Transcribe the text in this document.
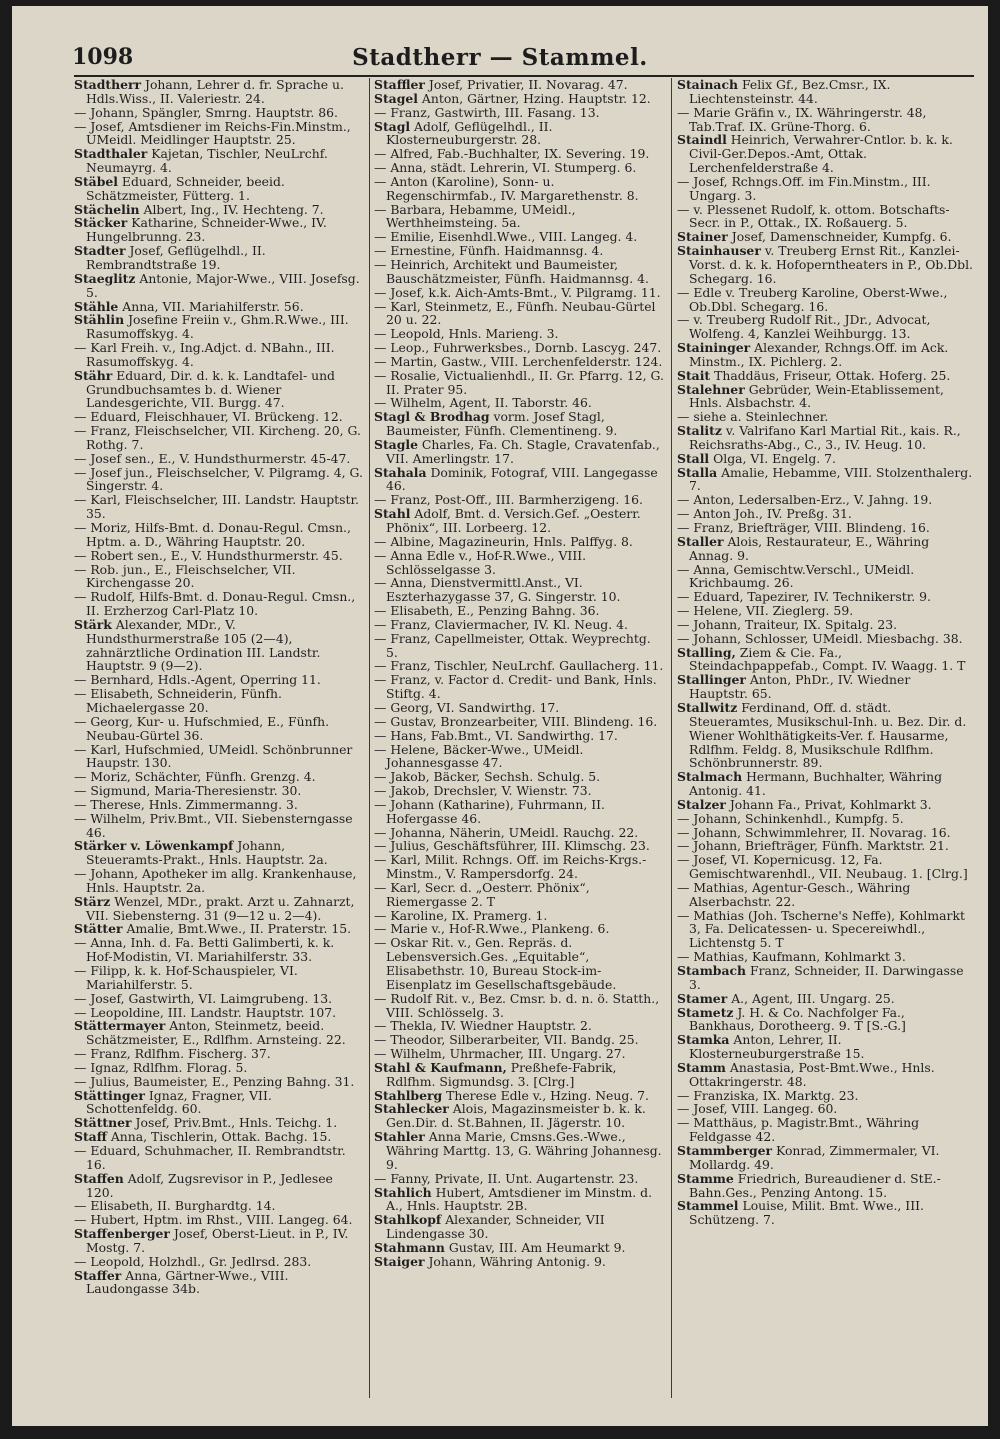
Stadtherr — Stammel.
1098

Stadtherr Johann, Lehrer d. fr. Sprache u. Hdls.Wiss., II. Valeriestr. 24.

— Johann, Spängler, Smrng. Hauptstr. 86.

— Josef, Amtsdiener im Reichs-Fin.Minstm., UMeidl. Meidlinger Hauptstr. 25.

Stadthaler Kajetan, Tischler, NeuLrchf. Neumayrg. 4.

Stäbel Eduard, Schneider, beeid. Schätzmeister, Fütterg. 1.

Stächelin Albert, Ing., IV. Hechteng. 7.

Stäcker Katharine, Schneider-Wwe., IV. Hungelbrunng. 23.

Stadter Josef, Geflügelhdl., II. Rembrandtstraße 19.

Staeglitz Antonie, Major-Wwe., VIII. Josefsg. 5.

Stähle Anna, VII. Mariahilferstr. 56.

Stählin Josefine Freiin v., Ghm.R.Wwe., III. Rasumoffskyg. 4.

— Karl Freih. v., Ing.Adjct. d. NBahn., III. Rasumoffskyg. 4.

Stähr Eduard, Dir. d. k. k. Landtafel- und Grundbuchsamtes b. d. Wiener Landesgerichte, VII. Burgg. 47.

— Eduard, Fleischhauer, VI. Brückeng. 12.

— Franz, Fleischselcher, VII. Kircheng. 20, G. Rothg. 7.

— Josef sen., E., V. Hundsthurmerstr. 45-47.

— Josef jun., Fleischselcher, V. Pilgramg. 4, G. Singerstr. 4.

— Karl, Fleischselcher, III. Landstr. Hauptstr. 35.

— Moriz, Hilfs-Bmt. d. Donau-Regul. Cmsn., Hptm. a. D., Währing Hauptstr. 20.

— Robert sen., E., V. Hundsthurmerstr. 45.

— Rob. jun., E., Fleischselcher, VII. Kirchengasse 20.

— Rudolf, Hilfs-Bmt. d. Donau-Regul. Cmsn., II. Erzherzog Carl-Platz 10.

Stärk Alexander, MDr., V. Hundsthurmerstraße 105 (2—4), zahnärztliche Ordination III. Landstr. Hauptstr. 9 (9—2).

— Bernhard, Hdls.-Agent, Operring 11.

— Elisabeth, Schneiderin, Fünfh. Michaelergasse 20.

— Georg, Kur- u. Hufschmied, E., Fünfh. Neubau-Gürtel 36.

— Karl, Hufschmied, UMeidl. Schönbrunner Haupstr. 130.

— Moriz, Schächter, Fünfh. Grenzg. 4.

— Sigmund, Maria-Theresienstr. 30.

— Therese, Hnls. Zimmermanng. 3.

— Wilhelm, Priv.Bmt., VII. Siebensterngasse 46.

Stärker v. Löwenkampf Johann, Steueramts-Prakt., Hnls. Hauptstr. 2a.

— Johann, Apotheker im allg. Krankenhause, Hnls. Hauptstr. 2a.

Stärz Wenzel, MDr., prakt. Arzt u. Zahnarzt, VII. Siebensterng. 31 (9—12 u. 2—4).

Stätter Amalie, Bmt.Wwe., II. Praterstr. 15.

— Anna, Inh. d. Fa. Betti Galimberti, k. k. Hof-Modistin, VI. Mariahilferstr. 33.

— Filipp, k. k. Hof-Schauspieler, VI. Mariahilferstr. 5.

— Josef, Gastwirth, VI. Laimgrubeng. 13.

— Leopoldine, III. Landstr. Hauptstr. 107.

Stättermayer Anton, Steinmetz, beeid. Schätzmeister, E., Rdlfhm. Arnsteing. 22.

— Franz, Rdlfhm. Fischerg. 37.

— Ignaz, Rdlfhm. Florag. 5.

— Julius, Baumeister, E., Penzing Bahng. 31.

Stättinger Ignaz, Fragner, VII. Schottenfeldg. 60.

Stättner Josef, Priv.Bmt., Hnls. Teichg. 1.

Staff Anna, Tischlerin, Ottak. Bachg. 15.

— Eduard, Schuhmacher, II. Rembrandtstr. 16.

Staffen Adolf, Zugsrevisor in P., Jedlesee 120.

— Elisabeth, II. Burghardtg. 14.

— Hubert, Hptm. im Rhst., VIII. Langeg. 64.

Staffenberger Josef, Oberst-Lieut. in P., IV. Mostg. 7.

— Leopold, Holzhdl., Gr. Jedlrsd. 283.

Staffer Anna, Gärtner-Wwe., VIII. Laudongasse 34b.

Staffler Josef, Privatier, II. Novarag. 47.

Stagel Anton, Gärtner, Hzing. Hauptstr. 12.

— Franz, Gastwirth, III. Fasang. 13.

Stagl Adolf, Geflügelhdl., II. Klosterneuburgerstr. 28.

— Alfred, Fab.-Buchhalter, IX. Severing. 19.

— Anna, städt. Lehrerin, VI. Stumperg. 6.

— Anton (Karoline), Sonn- u. Regenschirmfab., IV. Margarethenstr. 8.

— Barbara, Hebamme, UMeidl., Werthheimsteing. 5a.

— Emilie, Eisenhdl.Wwe., VIII. Langeg. 4.

— Ernestine, Fünfh. Haidmannsg. 4.

— Heinrich, Architekt und Baumeister, Bauschätzmeister, Fünfh. Haidmannsg. 4.

— Josef, k.k. Aich-Amts-Bmt., V. Pilgramg. 11.

— Karl, Steinmetz, E., Fünfh. Neubau-Gürtel 20 u. 22.

— Leopold, Hnls. Marieng. 3.

— Leop., Fuhrwerksbes., Dornb. Lascyg. 247.

— Martin, Gastw., VIII. Lerchenfelderstr. 124.

— Rosalie, Victualienhdl., II. Gr. Pfarrg. 12, G. II. Prater 95.

— Wilhelm, Agent, II. Taborstr. 46.

Stagl & Brodhag vorm. Josef Stagl, Baumeister, Fünfh. Clementineng. 9.

Stagle Charles, Fa. Ch. Stagle, Cravatenfab., VII. Amerlingstr. 17.

Stahala Dominik, Fotograf, VIII. Langegasse 46.

— Franz, Post-Off., III. Barmherzigeng. 16.

Stahl Adolf, Bmt. d. Versich.Gef. „Oesterr. Phönix“, III. Lorbeerg. 12.

— Albine, Magazineurin, Hnls. Palffyg. 8.

— Anna Edle v., Hof-R.Wwe., VIII. Schlösselgasse 3.

— Anna, Dienstvermittl.Anst., VI. Eszterhazygasse 37, G. Singerstr. 10.

— Elisabeth, E., Penzing Bahng. 36.

— Franz, Claviermacher, IV. Kl. Neug. 4.

— Franz, Capellmeister, Ottak. Weyprechtg. 5.

— Franz, Tischler, NeuLrchf. Gaullacherg. 11.

— Franz, v. Factor d. Credit- und Bank, Hnls. Stiftg. 4.

— Georg, VI. Sandwirthg. 17.

— Gustav, Bronzearbeiter, VIII. Blindeng. 16.

— Hans, Fab.Bmt., VI. Sandwirthg. 17.

— Helene, Bäcker-Wwe., UMeidl. Johannesgasse 47.

— Jakob, Bäcker, Sechsh. Schulg. 5.

— Jakob, Drechsler, V. Wienstr. 73.

— Johann (Katharine), Fuhrmann, II. Hofergasse 46.

— Johanna, Näherin, UMeidl. Rauchg. 22.

— Julius, Geschäftsführer, III. Klimschg. 23.

— Karl, Milit. Rchngs. Off. im Reichs-Krgs.-Minstm., V. Rampersdorfg. 24.

— Karl, Secr. d. „Oesterr. Phönix“, Riemergasse 2. T

— Karoline, IX. Pramerg. 1.

— Marie v., Hof-R.Wwe., Plankeng. 6.

— Oskar Rit. v., Gen. Repräs. d. Lebensversich.Ges. „Equitable“, Elisabethstr. 10, Bureau Stock-im-Eisenplatz im Gesellschaftsgebäude.

— Rudolf Rit. v., Bez. Cmsr. b. d. n. ö. Statth., VIII. Schlösselg. 3.

— Thekla, IV. Wiedner Hauptstr. 2.

— Theodor, Silberarbeiter, VII. Bandg. 25.

— Wilhelm, Uhrmacher, III. Ungarg. 27.

Stahl & Kaufmann, Preßhefe-Fabrik, Rdlfhm. Sigmundsg. 3. [Clrg.]

Stahlberg Therese Edle v., Hzing. Neug. 7.

Stahlecker Alois, Magazinsmeister b. k. k. Gen.Dir. d. St.Bahnen, II. Jägerstr. 10.

Stahler Anna Marie, Cmsns.Ges.-Wwe., Währing Marttg. 13, G. Währing Johannesg. 9.

— Fanny, Private, II. Unt. Augartenstr. 23.

Stahlich Hubert, Amtsdiener im Minstm. d. A., Hnls. Hauptstr. 2B.

Stahlkopf Alexander, Schneider, VII Lindengasse 30.

Stahmann Gustav, III. Am Heumarkt 9.

Staiger Johann, Währing Antonig. 9.

Stainach Felix Gf., Bez.Cmsr., IX. Liechtensteinstr. 44.

— Marie Gräfin v., IX. Währingerstr. 48, Tab.Traf. IX. Grüne-Thorg. 6.

Staindl Heinrich, Verwahrer-Cntlor. b. k. k. Civil-Ger.Depos.-Amt, Ottak. Lerchenfelderstraße 4.

— Josef, Rchngs.Off. im Fin.Minstm., III. Ungarg. 3.

— v. Plessenet Rudolf, k. ottom. Botschafts-Secr. in P., Ottak., IX. Roßauerg. 5.

Stainer Josef, Damenschneider, Kumpfg. 6.

Stainhauser v. Treuberg Ernst Rit., Kanzlei-Vorst. d. k. k. Hofoperntheaters in P., Ob.Dbl. Schegarg. 16.

— Edle v. Treuberg Karoline, Oberst-Wwe., Ob.Dbl. Schegarg. 16.

— v. Treuberg Rudolf Rit., JDr., Advocat, Wolfeng. 4, Kanzlei Weihburgg. 13.

Staininger Alexander, Rchngs.Off. im Ack. Minstm., IX. Pichlerg. 2.

Stait Thaddäus, Friseur, Ottak. Hoferg. 25.

Stalehner Gebrüder, Wein-Etablissement, Hnls. Alsbachstr. 4.

— siehe a. Steinlechner.

Stalitz v. Valrifano Karl Martial Rit., kais. R., Reichsraths-Abg., C., 3., IV. Heug. 10.

Stall Olga, VI. Engelg. 7.

Stalla Amalie, Hebamme, VIII. Stolzenthalerg. 7.

— Anton, Ledersalben-Erz., V. Jahng. 19.

— Anton Joh., IV. Preßg. 31.

— Franz, Briefträger, VIII. Blindeng. 16.

Staller Alois, Restaurateur, E., Währing Annag. 9.

— Anna, Gemischtw.Verschl., UMeidl. Krichbaumg. 26.

— Eduard, Tapezirer, IV. Technikerstr. 9.

— Helene, VII. Zieglerg. 59.

— Johann, Traiteur, IX. Spitalg. 23.

— Johann, Schlosser, UMeidl. Miesbachg. 38.

Stalling, Ziem & Cie. Fa., Steindachpappefab., Compt. IV. Waagg. 1. T

Stallinger Anton, PhDr., IV. Wiedner Hauptstr. 65.

Stallwitz Ferdinand, Off. d. städt. Steueramtes, Musikschul-Inh. u. Bez. Dir. d. Wiener Wohlthätigkeits-Ver. f. Hausarme, Rdlfhm. Feldg. 8, Musikschule Rdlfhm. Schönbrunnerstr. 89.

Stalmach Hermann, Buchhalter, Währing Antonig. 41.

Stalzer Johann Fa., Privat, Kohlmarkt 3.

— Johann, Schinkenhdl., Kumpfg. 5.

— Johann, Schwimmlehrer, II. Novarag. 16.

— Johann, Briefträger, Fünfh. Marktstr. 21.

— Josef, VI. Kopernicusg. 12, Fa. Gemischtwarenhdl., VII. Neubaug. 1. [Clrg.]

— Mathias, Agentur-Gesch., Währing Alserbachstr. 22.

— Mathias (Joh. Tscherne's Neffe), Kohlmarkt 3, Fa. Delicatessen- u. Specereiwhdl., Lichtenstg 5. T

— Mathias, Kaufmann, Kohlmarkt 3.

Stambach Franz, Schneider, II. Darwingasse 3.

Stamer A., Agent, III. Ungarg. 25.

Stametz J. H. & Co. Nachfolger Fa., Bankhaus, Dorotheerg. 9. T [S.-G.]

Stamka Anton, Lehrer, II. Klosterneuburgerstraße 15.

Stamm Anastasia, Post-Bmt.Wwe., Hnls. Ottakringerstr. 48.

— Franziska, IX. Marktg. 23.

— Josef, VIII. Langeg. 60.

— Matthäus, p. Magistr.Bmt., Währing Feldgasse 42.

Stammberger Konrad, Zimmermaler, VI. Mollardg. 49.

Stamme Friedrich, Bureaudiener d. StE.-Bahn.Ges., Penzing Antong. 15.

Stammel Louise, Milit. Bmt. Wwe., III. Schützeng. 7.
